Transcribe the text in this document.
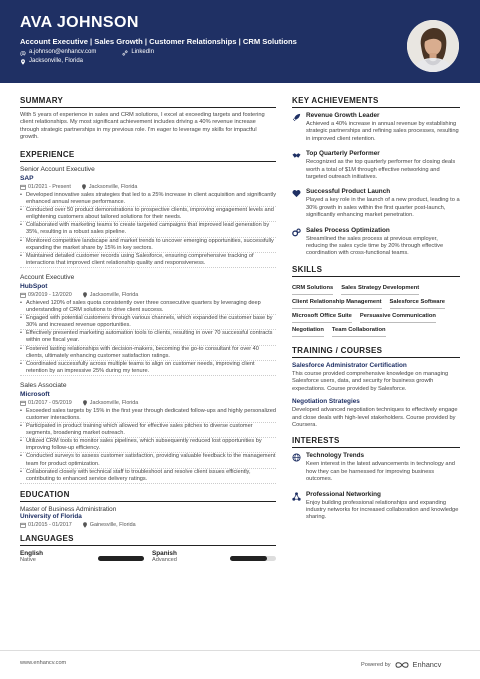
AVA JOHNSON
Account Executive | Sales Growth | Customer Relationships | CRM Solutions
@ a.johnson@enhancv.com	LinkedIn
Jacksonville, Florida
SUMMARY
With 5 years of experience in sales and CRM solutions, I excel at exceeding targets and fostering client relationships. My most significant achievement includes driving a 40% revenue increase through strategic partnerships in my previous role. I'm eager to leverage my skills for impactful growth.
EXPERIENCE
Senior Account Executive
SAP
01/2021 - Present	Jacksonville, Florida
• Developed innovative sales strategies that led to a 25% increase in client acquisition and significantly enhanced annual revenue performance.
• Conducted over 50 product demonstrations to prospective clients, improving engagement levels and enlightening customers about tailored solutions for their needs.
• Collaborated with marketing teams to create targeted campaigns that improved lead generation by 35%, resulting in a robust sales pipeline.
• Monitored competitive landscape and market trends to uncover emerging opportunities, successfully expanding the market share by 15% in key sectors.
• Maintained detailed customer records using Salesforce, ensuring comprehensive tracking of interactions that improved client relationship quality and responsiveness.
Account Executive
HubSpot
09/2019 - 12/2020	Jacksonville, Florida
• Achieved 120% of sales quota consistently over three consecutive quarters by leveraging deep understanding of CRM solutions to drive client success.
• Engaged with potential customers through various channels, which expanded the customer base by 30% and increased revenue opportunities.
• Effectively presented marketing automation tools to clients, resulting in over 70 successful contracts within one fiscal year.
• Fostered lasting relationships with decision-makers, becoming the go-to consultant for over 40 clients, ultimately enhancing customer satisfaction ratings.
• Coordinated successfully across multiple teams to align on customer needs, improving client retention by an impressive 25% during my tenure.
Sales Associate
Microsoft
01/2017 - 05/2019	Jacksonville, Florida
• Exceeded sales targets by 15% in the first year through dedicated follow-ups and highly personalized customer interactions.
• Participated in product training which allowed for effective sales pitches to diverse customer segments, broadening market outreach.
• Utilized CRM tools to monitor sales pipelines, which subsequently reduced lost opportunities by improving follow-up efficiency.
• Conducted surveys to assess customer satisfaction, providing valuable feedback to the management team for product optimization.
• Collaborated closely with technical staff to troubleshoot and resolve client issues efficiently, contributing to enhanced service delivery ratings.
EDUCATION
Master of Business Administration
University of Florida
01/2015 - 01/2017	Gainesville, Florida
LANGUAGES
English
Native
Spanish
Advanced
KEY ACHIEVEMENTS
Revenue Growth Leader
Achieved a 40% increase in annual revenue by establishing strategic partnerships and refining sales processes, resulting in improved client retention.
Top Quarterly Performer
Recognized as the top quarterly performer for closing deals worth a total of $1M through effective networking and targeted outreach initiatives.
Successful Product Launch
Played a key role in the launch of a new product, leading to a 30% growth in sales within the first quarter post-launch, significantly enhancing market penetration.
Sales Process Optimization
Streamlined the sales process at previous employer, reducing the sales cycle time by 20% through effective coordination with cross-functional teams.
SKILLS
CRM Solutions Sales Strategy Development
Client Relationship Management Salesforce Software
Microsoft Office Suite Persuasive Communication
Negotiation Team Collaboration
TRAINING / COURSES
Salesforce Administrator Certification
This course provided comprehensive knowledge on managing Salesforce users, data, and security for business growth expectations. Course provided by Salesforce.
Negotiation Strategies
Developed advanced negotiation techniques to effectively engage and close deals with high-level stakeholders. Course provided by Coursera.
INTERESTS
Technology Trends
Keen interest in the latest advancements in technology and how they can be harnessed for improving business outcomes.
Professional Networking
Enjoy building professional relationships and expanding industry networks for increased collaboration and knowledge sharing.
www.enhancv.com	Powered by	Enhancv
